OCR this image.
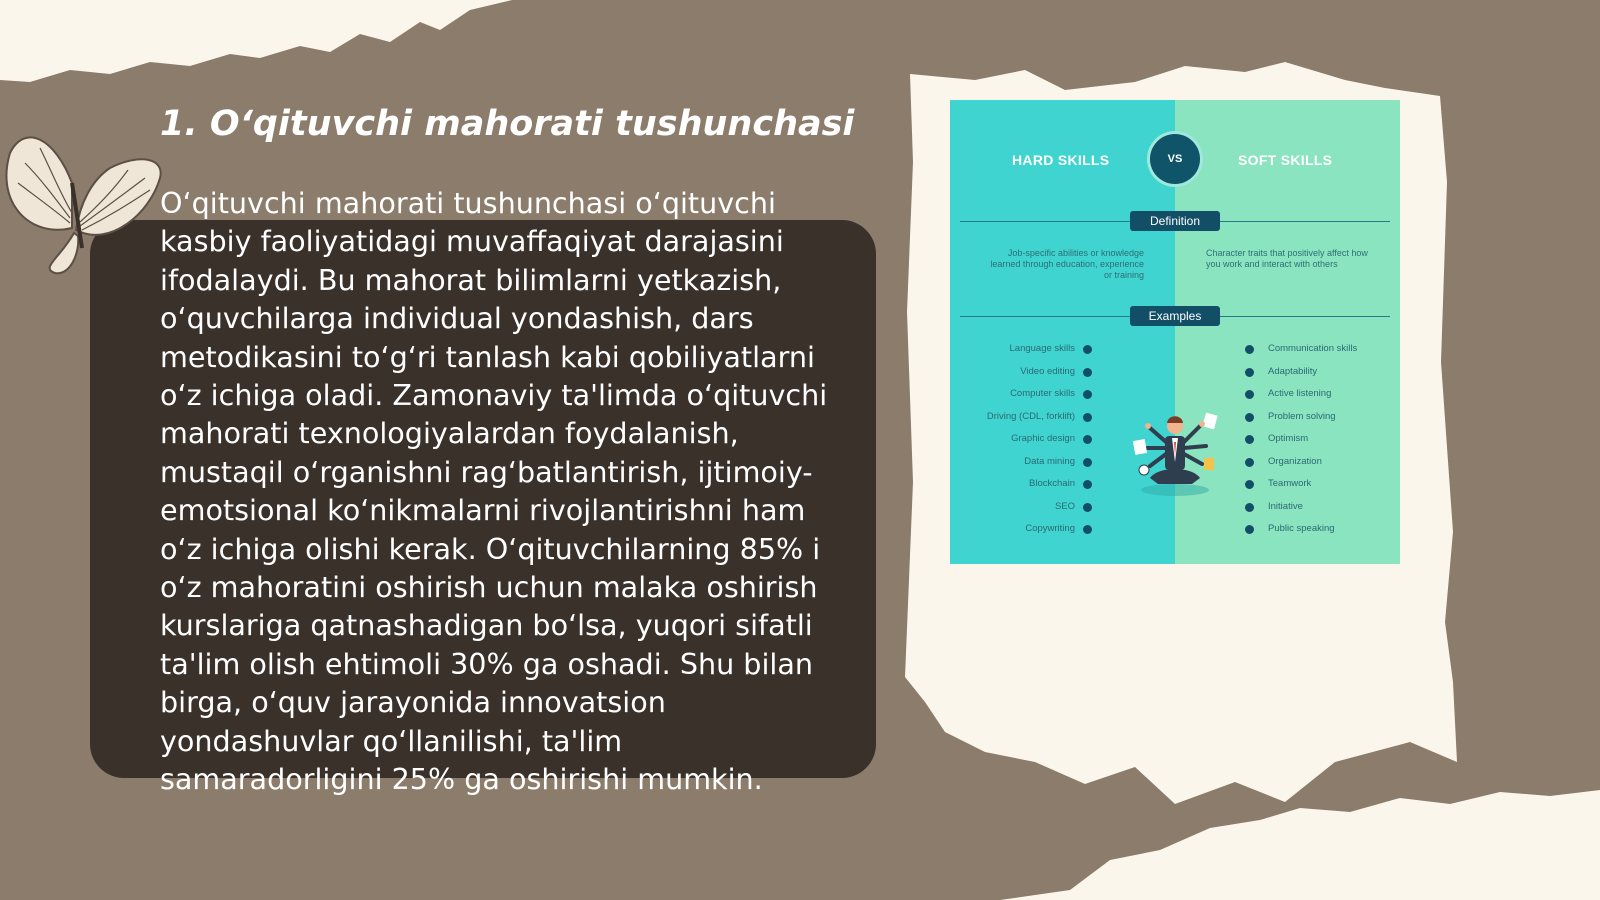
1. O‘qituvchi mahorati tushunchasi

O‘qituvchi mahorati tushunchasi o‘qituvchi kasbiy faoliyatidagi muvaffaqiyat darajasini ifodalaydi. Bu mahorat bilimlarni yetkazish, o‘quvchilarga individual yondashish, dars metodikasini to‘g‘ri tanlash kabi qobiliyatlarni o‘z ichiga oladi. Zamonaviy ta'limda o‘qituvchi mahorati texnologiyalardan foydalanish, mustaqil o‘rganishni rag‘batlantirish, ijtimoiy-emotsional ko‘nikmalarni rivojlantirishni ham o‘z ichiga olishi kerak. O‘qituvchilarning 85% i o‘z mahoratini oshirish uchun malaka oshirish kurslariga qatnashadigan bo‘lsa, yuqori sifatli ta'lim olish ehtimoli 30% ga oshadi. Shu bilan birga, o‘quv jarayonida innovatsion yondashuvlar qo‘llanilishi, ta'lim samaradorligini 25% ga oshirishi mumkin.

HARD SKILLS	VS	SOFT SKILLS
Definition
Job-specific abilities or knowledge learned through education, experience or training
Character traits that positively affect how you work and interact with others
Examples
Language skills
Video editing
Computer skills
Driving (CDL, forklift)
Graphic design
Data mining
Blockchain
SEO
Copywriting
Communication skills
Adaptability
Active listening
Problem solving
Optimism
Organization
Teamwork
Initiative
Public speaking
